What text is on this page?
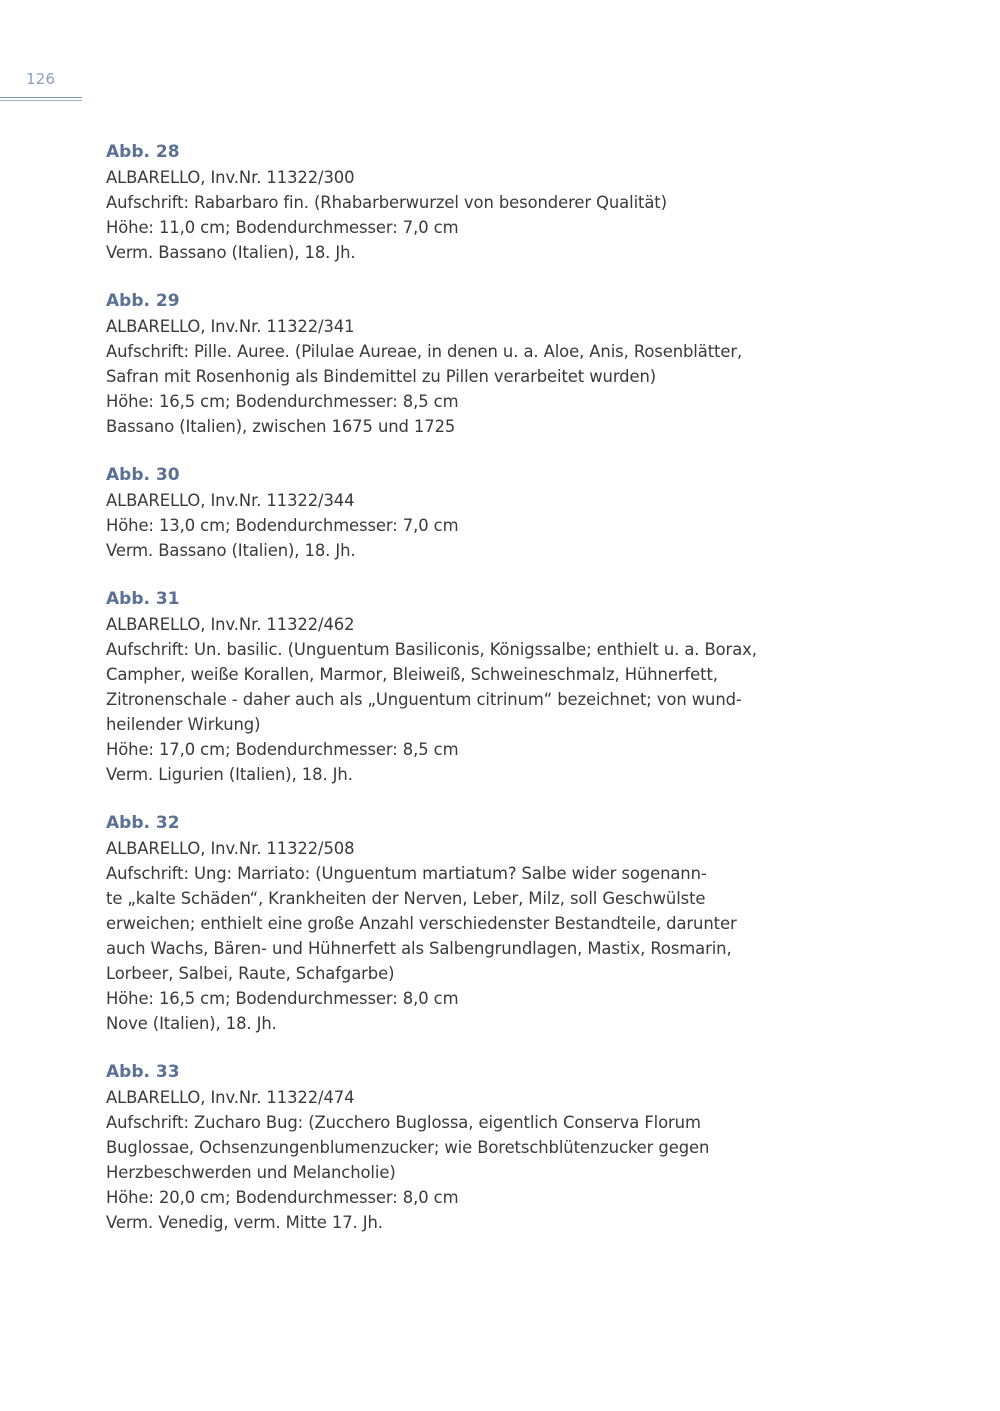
126
Abb. 28
ALBARELLO, Inv.Nr. 11322/300
Aufschrift: Rabarbaro fin. (Rhabarberwurzel von besonderer Qualität)
Höhe: 11,0 cm; Bodendurchmesser: 7,0 cm
Verm. Bassano (Italien), 18. Jh.
Abb. 29
ALBARELLO, Inv.Nr. 11322/341
Aufschrift: Pille. Auree. (Pilulae Aureae, in denen u. a. Aloe, Anis, Rosenblätter,
Safran mit Rosenhonig als Bindemittel zu Pillen verarbeitet wurden)
Höhe: 16,5 cm; Bodendurchmesser: 8,5 cm
Bassano (Italien), zwischen 1675 und 1725
Abb. 30
ALBARELLO, Inv.Nr. 11322/344
Höhe: 13,0 cm; Bodendurchmesser: 7,0 cm
Verm. Bassano (Italien), 18. Jh.
Abb. 31
ALBARELLO, Inv.Nr. 11322/462
Aufschrift: Un. basilic. (Unguentum Basiliconis, Königssalbe; enthielt u. a. Borax,
Campher, weiße Korallen, Marmor, Bleiweiß, Schweineschmalz, Hühnerfett,
Zitronenschale - daher auch als „Unguentum citrinum“ bezeichnet; von wund-
heilender Wirkung)
Höhe: 17,0 cm; Bodendurchmesser: 8,5 cm
Verm. Ligurien (Italien), 18. Jh.
Abb. 32
ALBARELLO, Inv.Nr. 11322/508
Aufschrift: Ung: Marriato: (Unguentum martiatum? Salbe wider sogenann-
te „kalte Schäden“, Krankheiten der Nerven, Leber, Milz, soll Geschwülste
erweichen; enthielt eine große Anzahl verschiedenster Bestandteile, darunter
auch Wachs, Bären- und Hühnerfett als Salbengrundlagen, Mastix, Rosmarin,
Lorbeer, Salbei, Raute, Schafgarbe)
Höhe: 16,5 cm; Bodendurchmesser: 8,0 cm
Nove (Italien), 18. Jh.
Abb. 33
ALBARELLO, Inv.Nr. 11322/474
Aufschrift: Zucharo Bug: (Zucchero Buglossa, eigentlich Conserva Florum
Buglossae, Ochsenzungenblumenzucker; wie Boretschblütenzucker gegen
Herzbeschwerden und Melancholie)
Höhe: 20,0 cm; Bodendurchmesser: 8,0 cm
Verm. Venedig, verm. Mitte 17. Jh.
